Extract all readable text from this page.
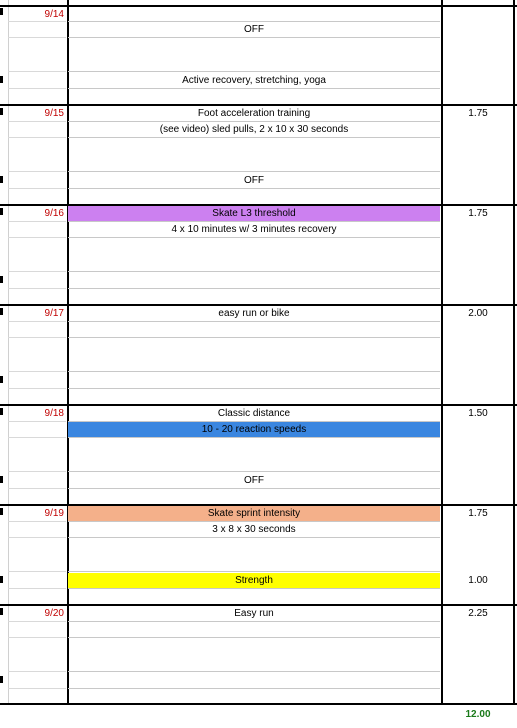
9/14
OFF
Active recovery, stretching, yoga
9/15	Foot acceleration training	1.75
(see video) sled pulls, 2 x 10 x 30 seconds
OFF
9/16	Skate L3 threshold	1.75
4 x 10 minutes w/ 3 minutes recovery
9/17	easy run or bike	2.00
9/18	Classic distance	1.50
10 - 20 reaction speeds
OFF
9/19	Skate sprint intensity	1.75
3 x 8 x 30 seconds
Strength	1.00
9/20	Easy run	2.25
12.00
